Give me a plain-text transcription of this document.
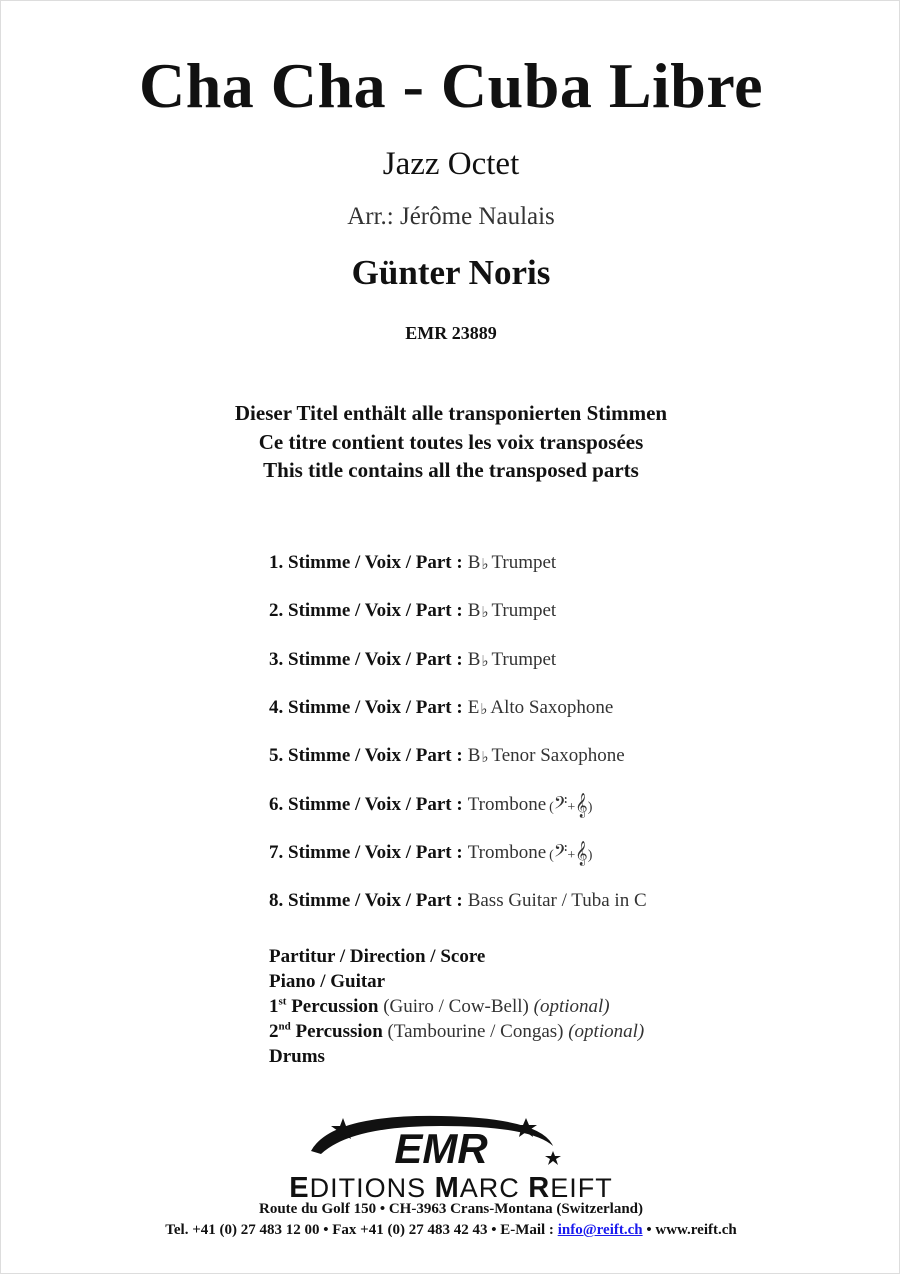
Cha Cha - Cuba Libre
Jazz Octet
Arr.: Jérôme Naulais
Günter Noris
EMR 23889
Dieser Titel enthält alle transponierten Stimmen
Ce titre contient toutes les voix transposées
This title contains all the transposed parts
1. Stimme / Voix / Part : B♭ Trumpet
2. Stimme / Voix / Part : B♭ Trumpet
3. Stimme / Voix / Part : B♭ Trumpet
4. Stimme / Voix / Part : E♭ Alto Saxophone
5. Stimme / Voix / Part : B♭ Tenor Saxophone
6. Stimme / Voix / Part : Trombone (𝄢+𝄞)
7. Stimme / Voix / Part : Trombone (𝄢+𝄞)
8. Stimme / Voix / Part : Bass Guitar / Tuba in C
Partitur / Direction / Score
Piano / Guitar
1st Percussion (Guiro / Cow-Bell) (optional)
2nd Percussion (Tambourine / Congas) (optional)
Drums
EMR
EDITIONS MARC REIFT
Route du Golf 150 • CH-3963 Crans-Montana (Switzerland)
Tel. +41 (0) 27 483 12 00 • Fax +41 (0) 27 483 42 43 • E-Mail : info@reift.ch • www.reift.ch
